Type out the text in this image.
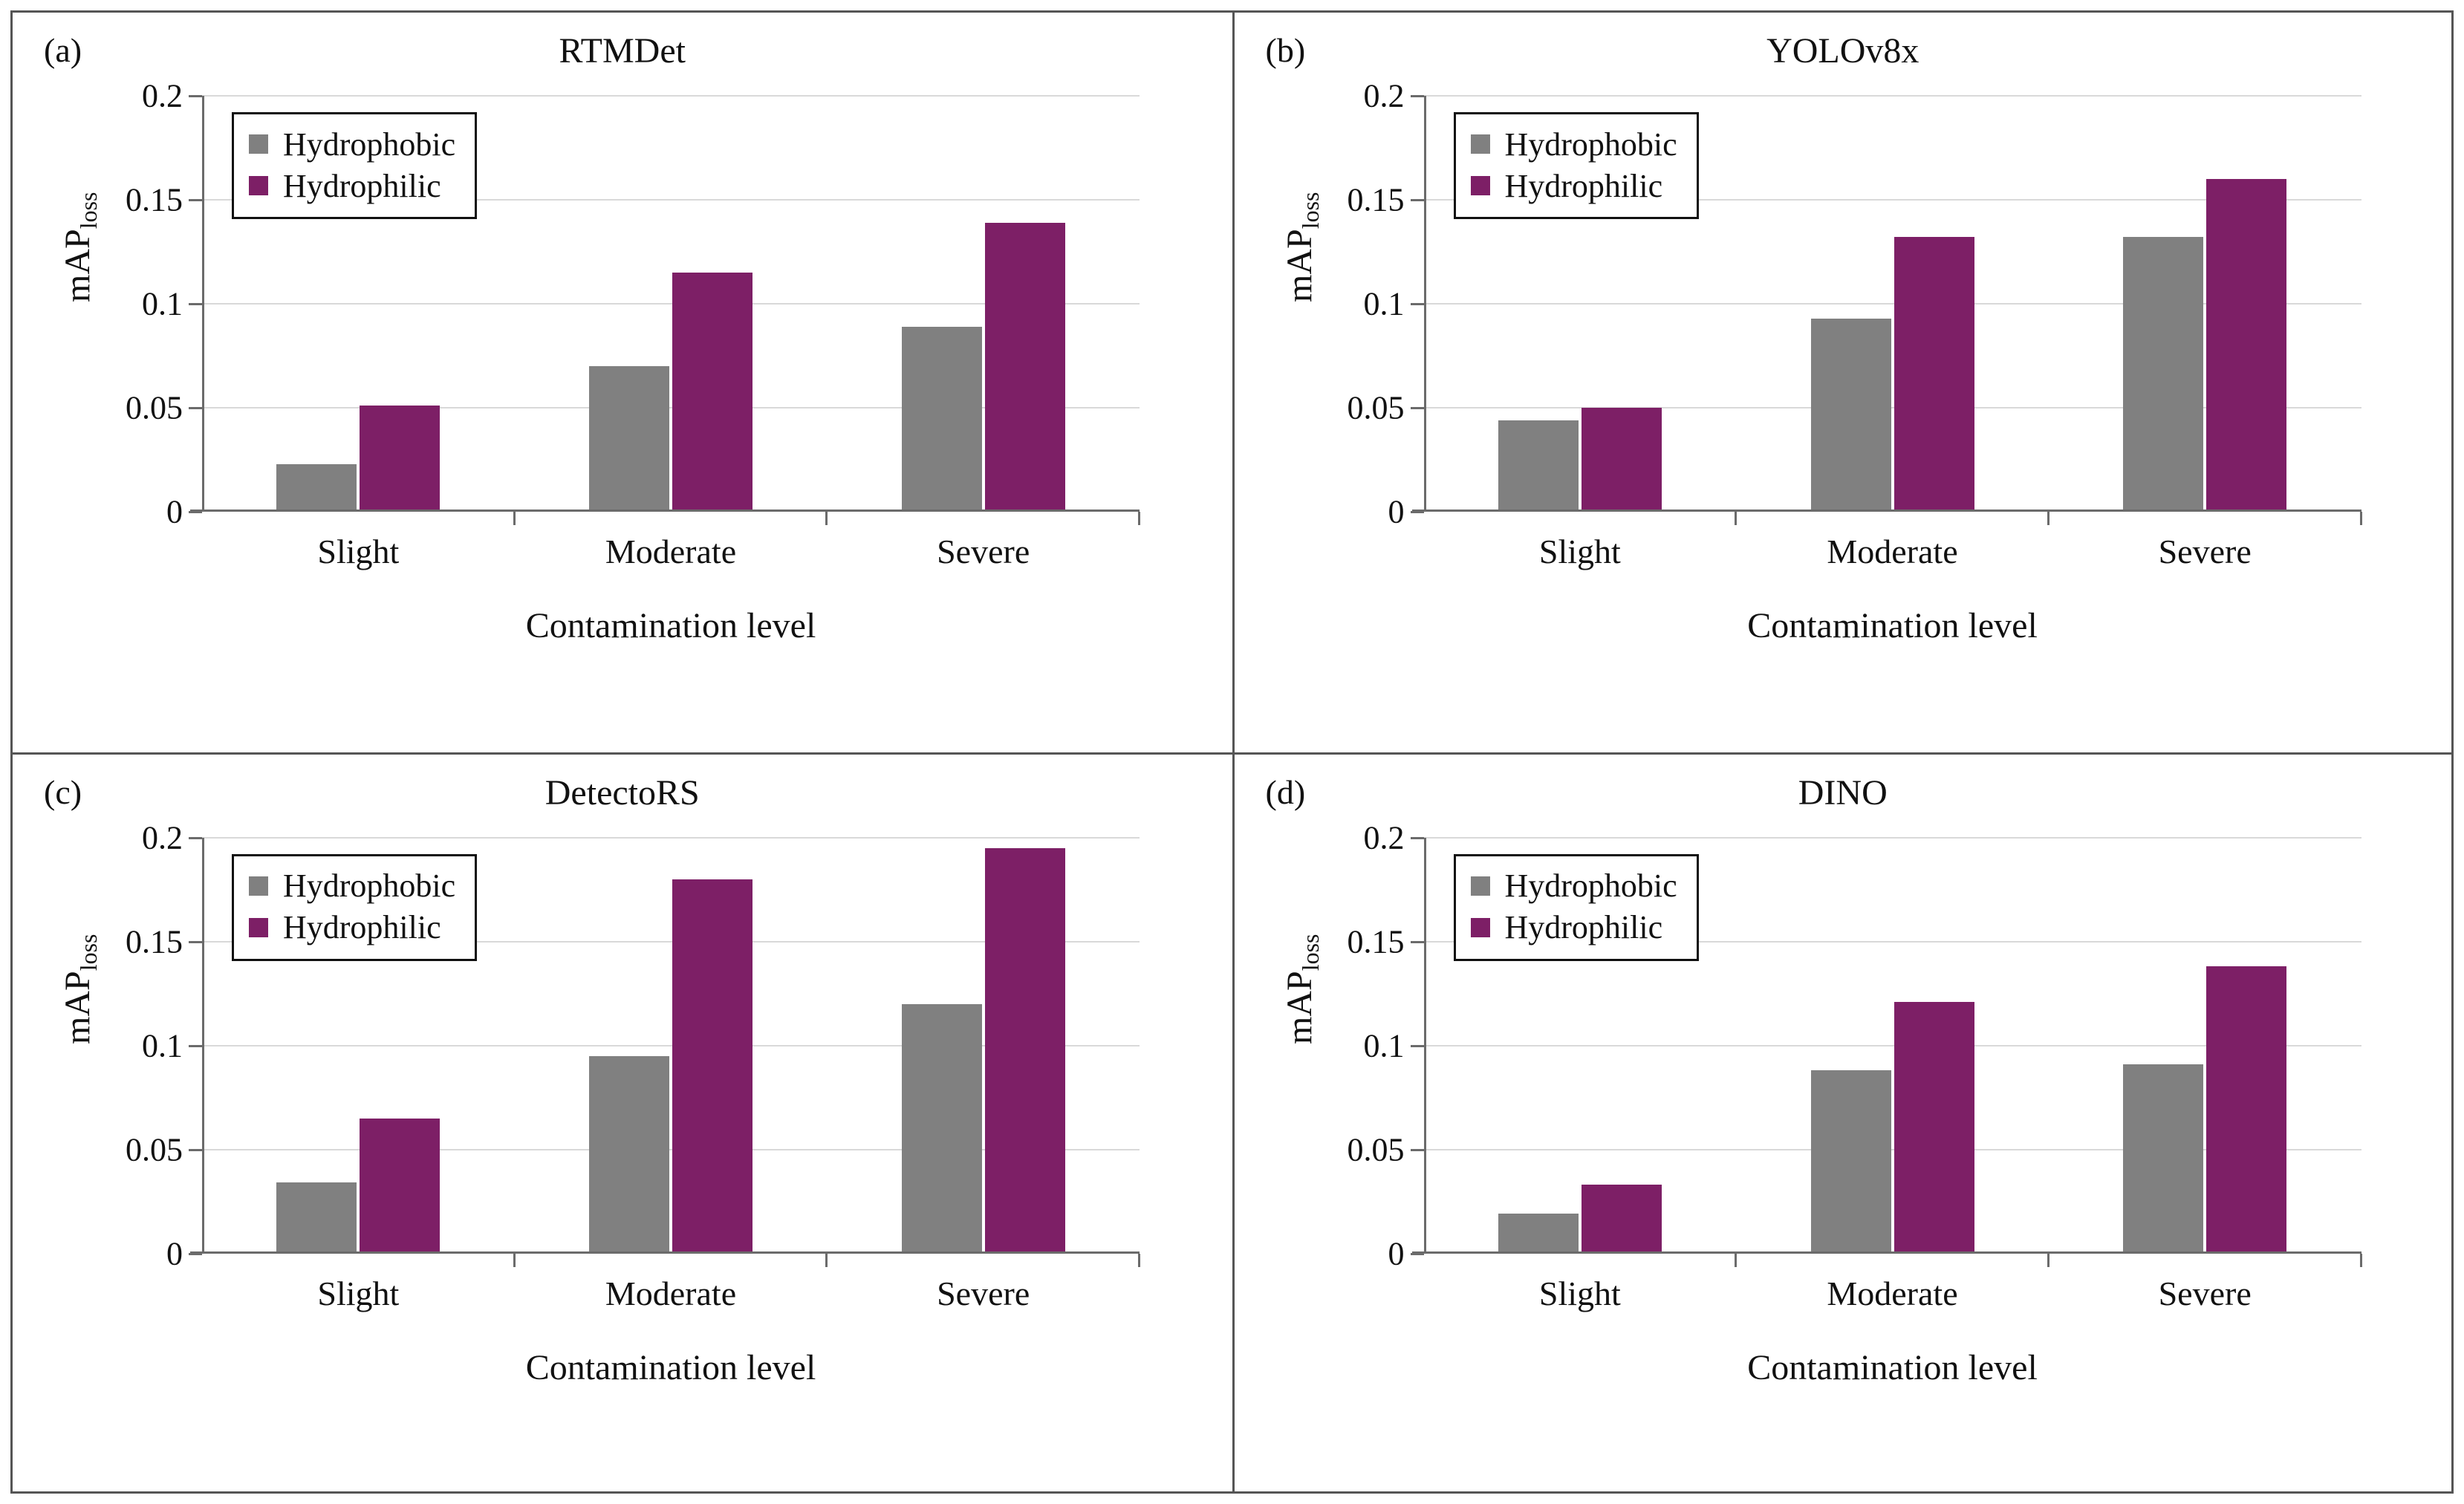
(a)	RTMDet
mAP$_{loss}$
Hydrophobic
Hydrophilic
0
0.05
0.1
0.15
0.2
Slight	Moderate	Severe
Contamination level
(b)	YOLOv8x
mAP$_{loss}$
Hydrophobic
Hydrophilic
0
0.05
0.1
0.15
0.2
Slight	Moderate	Severe
Contamination level
(c)	DetectoRS
mAP$_{loss}$
Hydrophobic
Hydrophilic
0
0.05
0.1
0.15
0.2
Slight	Moderate	Severe
Contamination level
(d)	DINO
mAP$_{loss}$
Hydrophobic
Hydrophilic
0
0.05
0.1
0.15
0.2
Slight	Moderate	Severe
Contamination level
